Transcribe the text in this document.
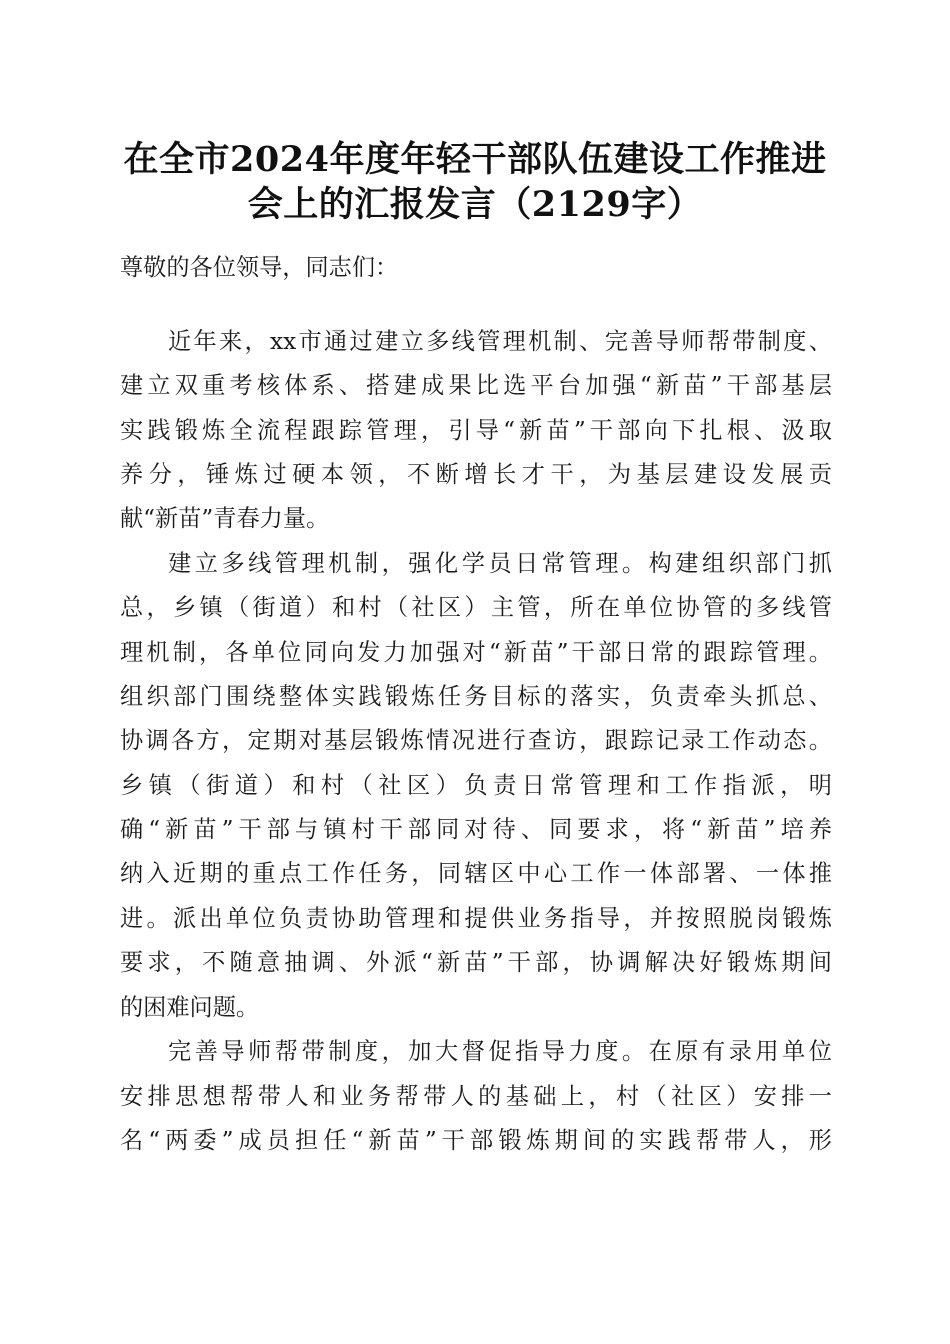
在全市2024年度年轻干部队伍建设工作推进
会上的汇报发言（2129字）
尊敬的各位领导，同志们：
近年来，xx市通过建立多线管理机制、完善导师帮带制度、
建立双重考核体系、搭建成果比选平台加强“新苗”干部基层
实践锻炼全流程跟踪管理，引导“新苗”干部向下扎根、汲取
养分，锤炼过硬本领，不断增长才干，为基层建设发展贡
献“新苗”青春力量。
建立多线管理机制，强化学员日常管理。构建组织部门抓
总，乡镇（街道）和村（社区）主管，所在单位协管的多线管
理机制，各单位同向发力加强对“新苗”干部日常的跟踪管理。
组织部门围绕整体实践锻炼任务目标的落实，负责牵头抓总、
协调各方，定期对基层锻炼情况进行查访，跟踪记录工作动态。
乡镇（街道）和村（社区）负责日常管理和工作指派，明
确“新苗”干部与镇村干部同对待、同要求，将“新苗”培养
纳入近期的重点工作任务，同辖区中心工作一体部署、一体推
进。派出单位负责协助管理和提供业务指导，并按照脱岗锻炼
要求，不随意抽调、外派“新苗”干部，协调解决好锻炼期间
的困难问题。
完善导师帮带制度，加大督促指导力度。在原有录用单位
安排思想帮带人和业务帮带人的基础上，村（社区）安排一
名“两委”成员担任“新苗”干部锻炼期间的实践帮带人，形
